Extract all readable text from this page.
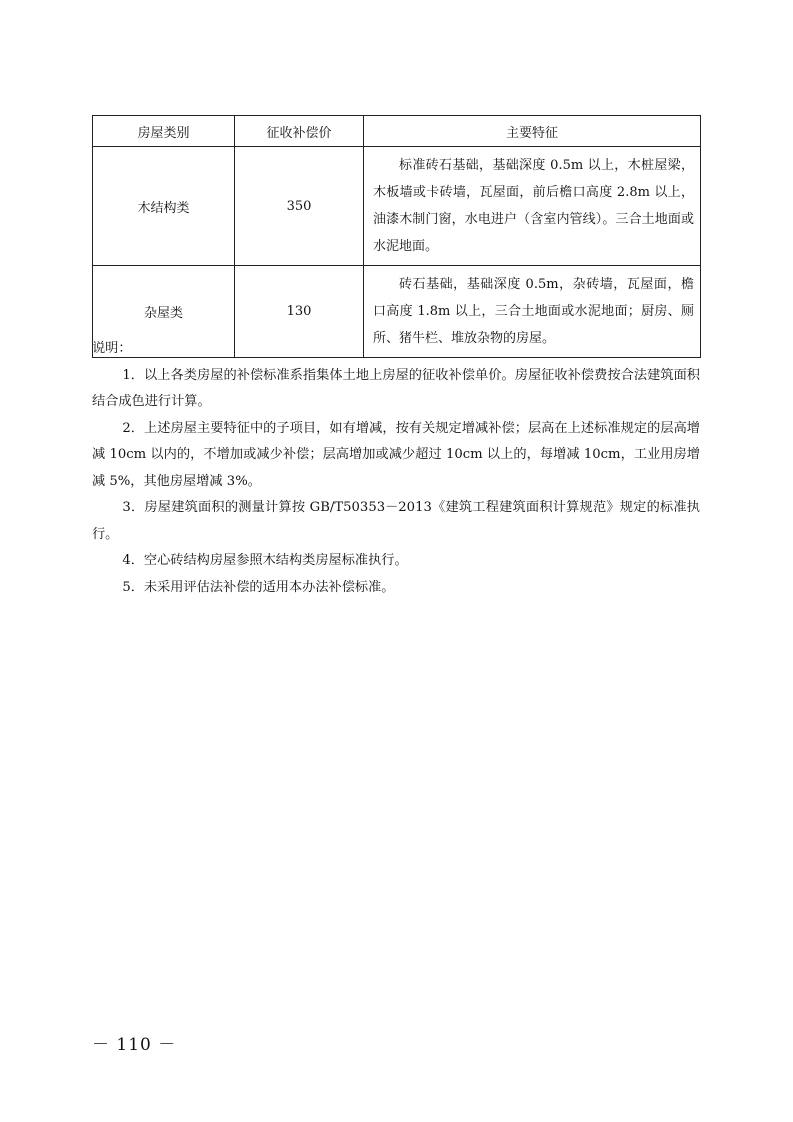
房屋类别	征收补偿价	主要特征
木结构类	350	标准砖石基础，基础深度 0.5m 以上，木桩屋梁，木板墙或卡砖墙，瓦屋面，前后檐口高度 2.8m 以上，油漆木制门窗，水电进户（含室内管线）。三合土地面或水泥地面。
杂屋类	130	砖石基础，基础深度 0.5m，杂砖墙，瓦屋面，檐口高度 1.8m 以上，三合土地面或水泥地面；厨房、厕所、猪牛栏、堆放杂物的房屋。

说明：

1．以上各类房屋的补偿标准系指集体土地上房屋的征收补偿单价。房屋征收补偿费按合法建筑面积结合成色进行计算。

2．上述房屋主要特征中的子项目，如有增减，按有关规定增减补偿；层高在上述标准规定的层高增减 10cm 以内的，不增加或减少补偿；层高增加或减少超过 10cm 以上的，每增减 10cm，工业用房增减 5%，其他房屋增减 3%。

3．房屋建筑面积的测量计算按 GB/T50353－2013《建筑工程建筑面积计算规范》规定的标准执行。

4．空心砖结构房屋参照木结构类房屋标准执行。

5．未采用评估法补偿的适用本办法补偿标准。

－ 110 －
